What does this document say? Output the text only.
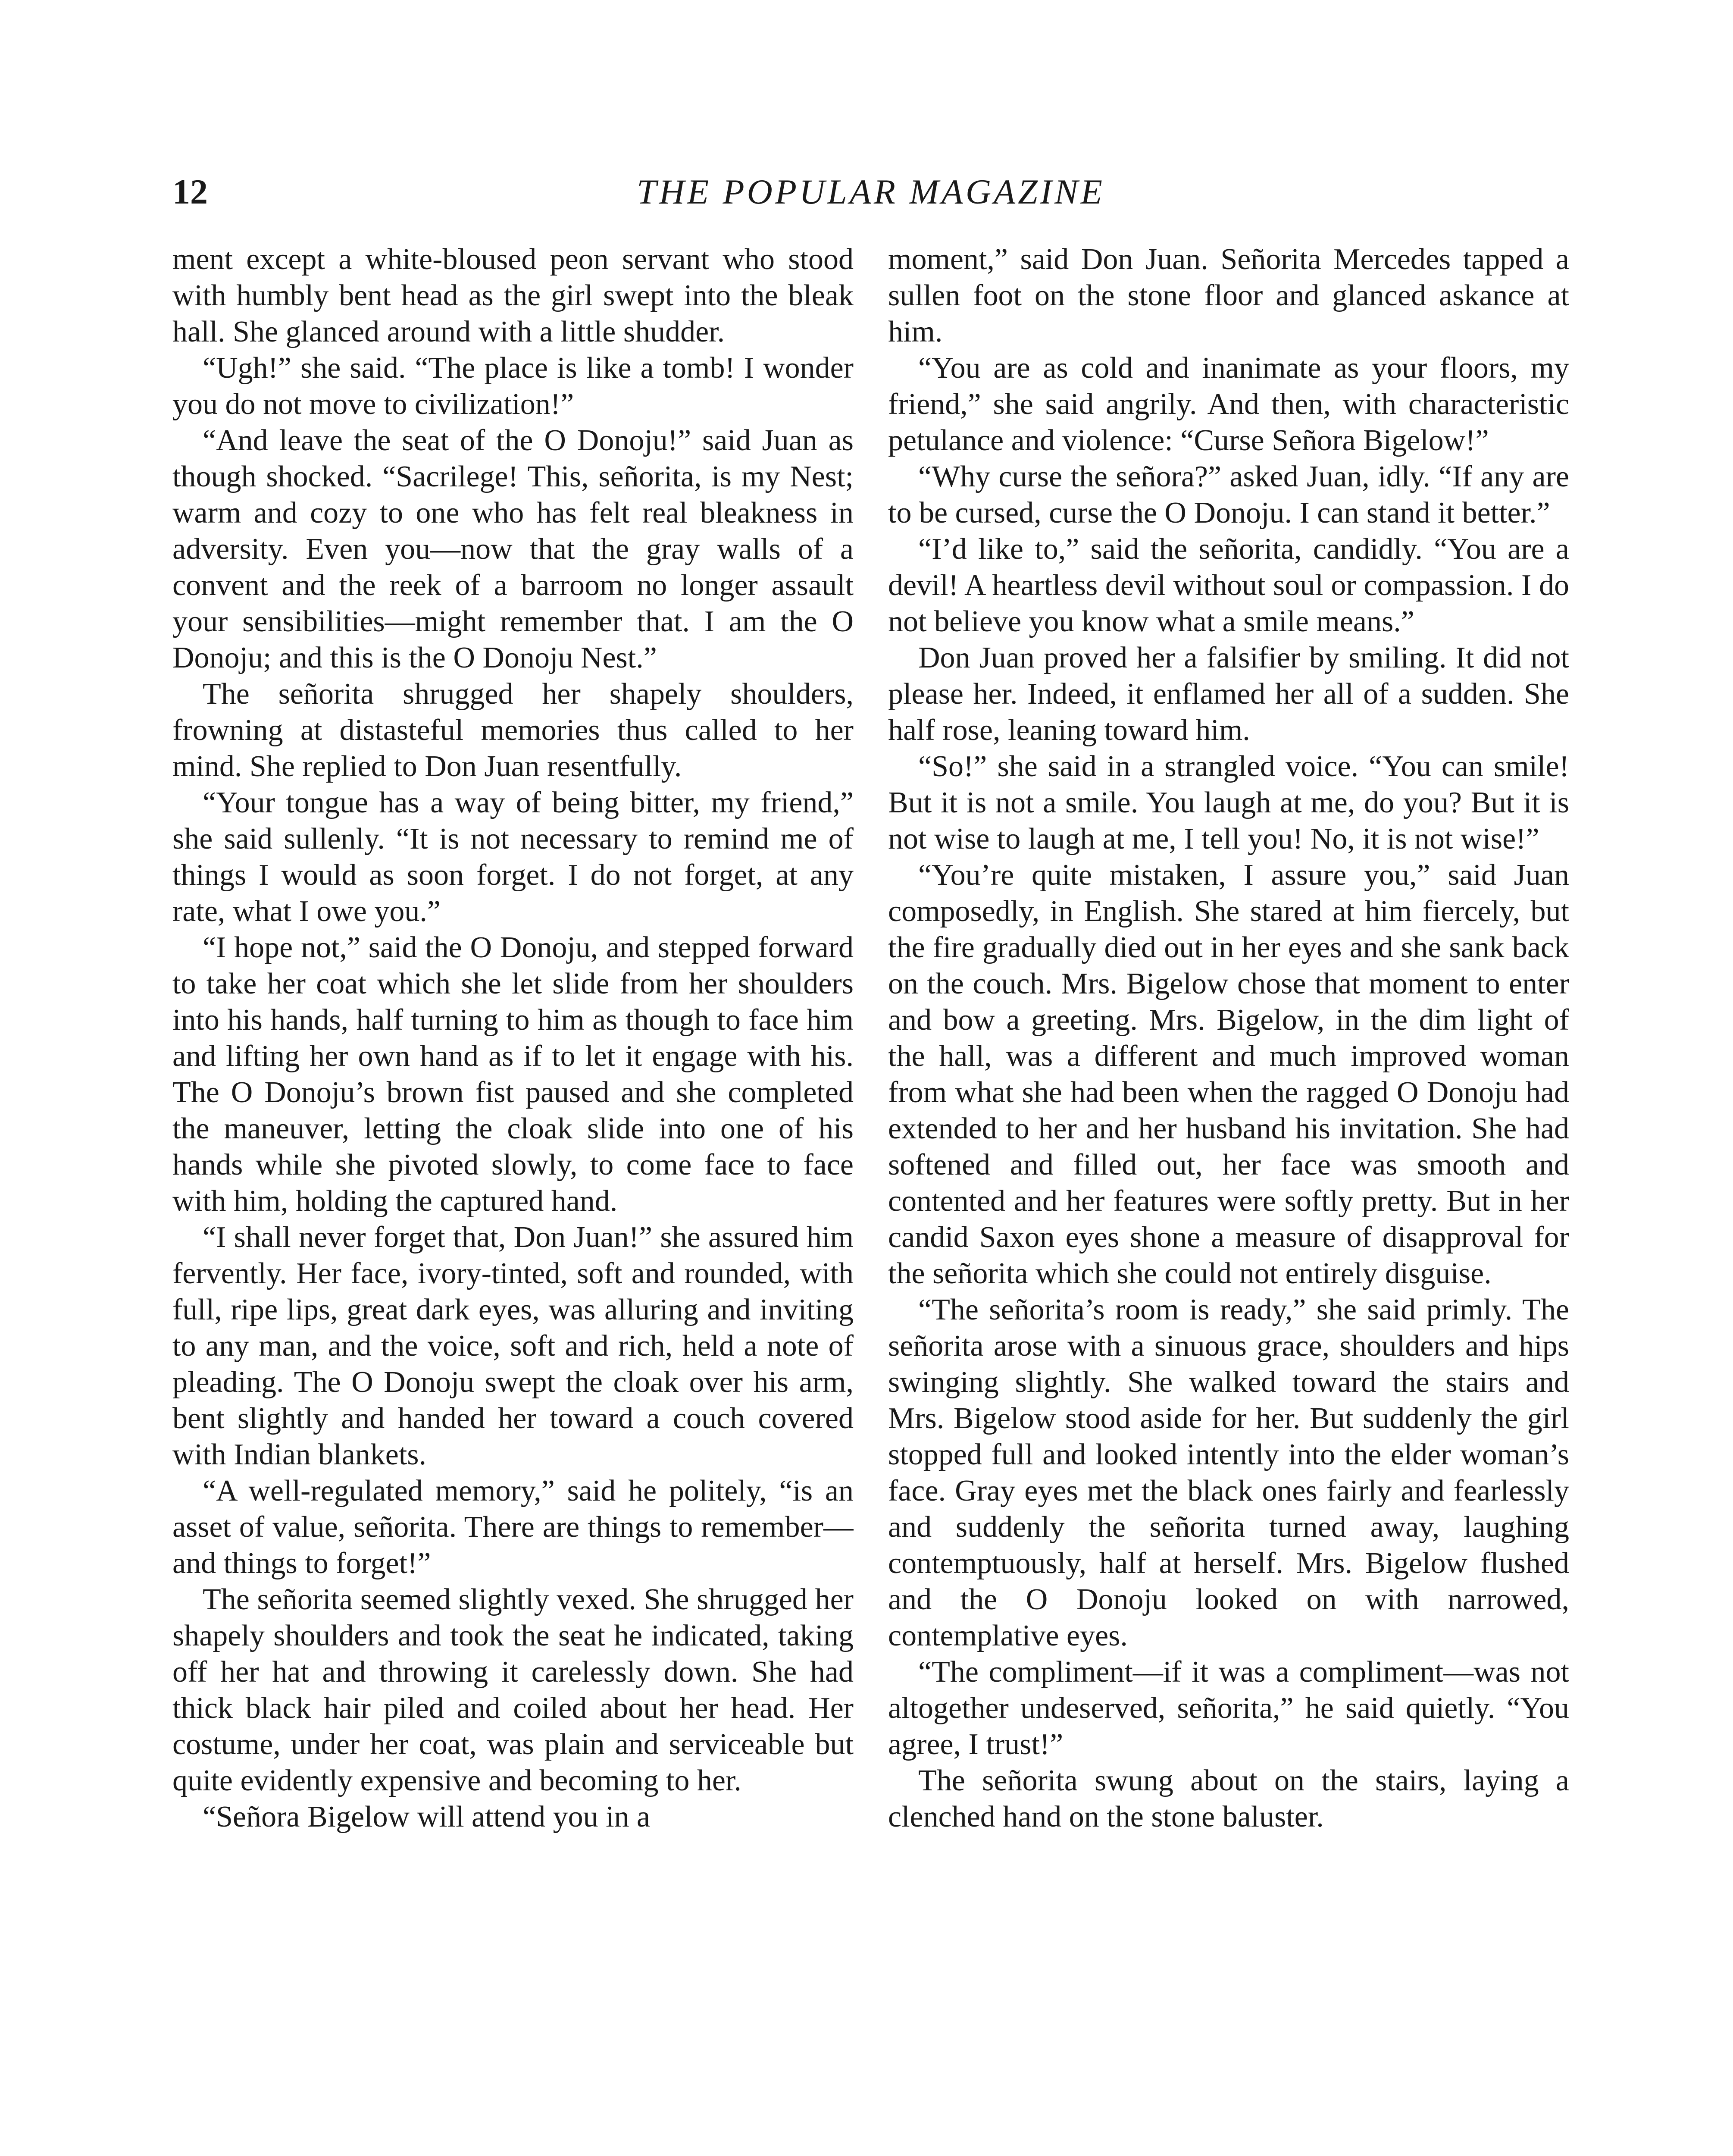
12	THE POPULAR MAGAZINE

ment except a white-bloused peon servant who stood with humbly bent head as the girl swept into the bleak hall. She glanced around with a little shudder.

“Ugh!” she said. “The place is like a tomb! I wonder you do not move to civilization!”

“And leave the seat of the O Donoju!” said Juan as though shocked. “Sacrilege! This, señorita, is my Nest; warm and cozy to one who has felt real bleakness in adversity. Even you—now that the gray walls of a convent and the reek of a barroom no longer assault your sensibilities—might remember that. I am the O Donoju; and this is the O Donoju Nest.”

The señorita shrugged her shapely shoulders, frowning at distasteful memories thus called to her mind. She replied to Don Juan resentfully.

“Your tongue has a way of being bitter, my friend,” she said sullenly. “It is not necessary to remind me of things I would as soon forget. I do not forget, at any rate, what I owe you.”

“I hope not,” said the O Donoju, and stepped forward to take her coat which she let slide from her shoulders into his hands, half turning to him as though to face him and lifting her own hand as if to let it engage with his. The O Donoju’s brown fist paused and she completed the maneuver, letting the cloak slide into one of his hands while she pivoted slowly, to come face to face with him, holding the captured hand.

“I shall never forget that, Don Juan!” she assured him fervently. Her face, ivory-tinted, soft and rounded, with full, ripe lips, great dark eyes, was alluring and inviting to any man, and the voice, soft and rich, held a note of pleading. The O Donoju swept the cloak over his arm, bent slightly and handed her toward a couch covered with Indian blankets.

“A well-regulated memory,” said he politely, “is an asset of value, señorita. There are things to remember—and things to forget!”

The señorita seemed slightly vexed. She shrugged her shapely shoulders and took the seat he indicated, taking off her hat and throwing it carelessly down. She had thick black hair piled and coiled about her head. Her costume, under her coat, was plain and serviceable but quite evidently expensive and becoming to her.

“Señora Bigelow will attend you in a

moment,” said Don Juan. Señorita Mercedes tapped a sullen foot on the stone floor and glanced askance at him.

“You are as cold and inanimate as your floors, my friend,” she said angrily. And then, with characteristic petulance and violence: “Curse Señora Bigelow!”

“Why curse the señora?” asked Juan, idly. “If any are to be cursed, curse the O Donoju. I can stand it better.”

“I’d like to,” said the señorita, candidly. “You are a devil! A heartless devil without soul or compassion. I do not believe you know what a smile means.”

Don Juan proved her a falsifier by smiling. It did not please her. Indeed, it enflamed her all of a sudden. She half rose, leaning toward him.

“So!” she said in a strangled voice. “You can smile! But it is not a smile. You laugh at me, do you? But it is not wise to laugh at me, I tell you! No, it is not wise!”

“You’re quite mistaken, I assure you,” said Juan composedly, in English. She stared at him fiercely, but the fire gradually died out in her eyes and she sank back on the couch. Mrs. Bigelow chose that moment to enter and bow a greeting. Mrs. Bigelow, in the dim light of the hall, was a different and much improved woman from what she had been when the ragged O Donoju had extended to her and her husband his invitation. She had softened and filled out, her face was smooth and contented and her features were softly pretty. But in her candid Saxon eyes shone a measure of disapproval for the señorita which she could not entirely disguise.

“The señorita’s room is ready,” she said primly. The señorita arose with a sinuous grace, shoulders and hips swinging slightly. She walked toward the stairs and Mrs. Bigelow stood aside for her. But suddenly the girl stopped full and looked intently into the elder woman’s face. Gray eyes met the black ones fairly and fearlessly and suddenly the señorita turned away, laughing contemptuously, half at herself. Mrs. Bigelow flushed and the O Donoju looked on with narrowed, contemplative eyes.

“The compliment—if it was a compliment—was not altogether undeserved, señorita,” he said quietly. “You agree, I trust!”

The señorita swung about on the stairs, laying a clenched hand on the stone baluster.
